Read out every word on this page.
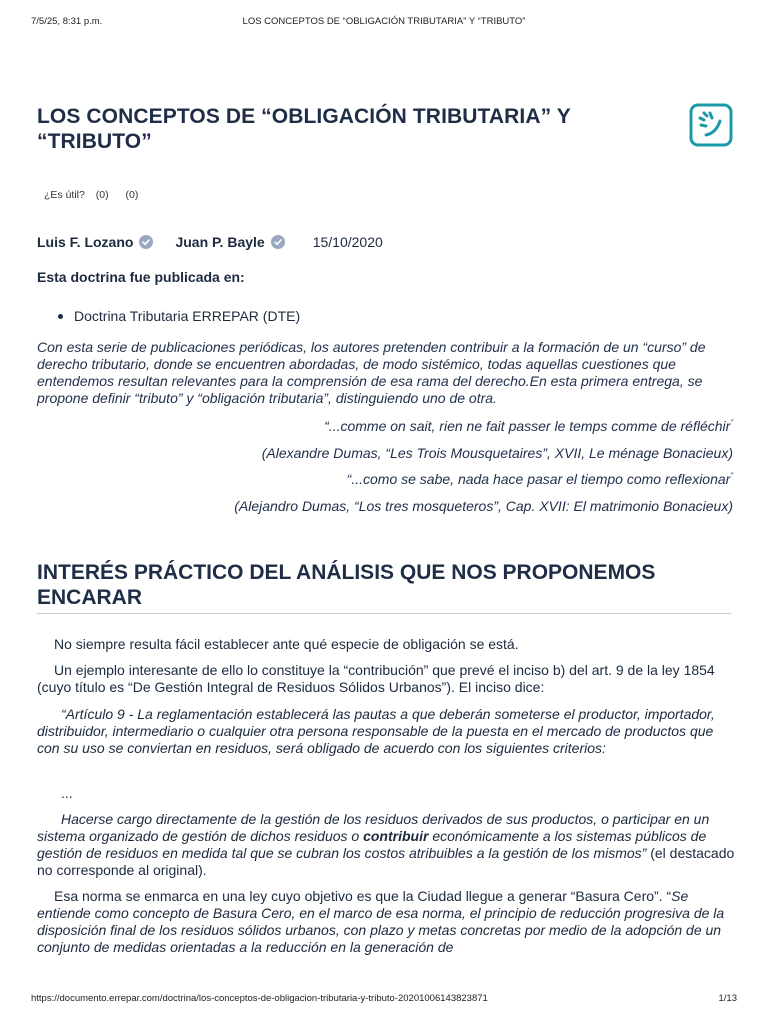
7/5/25, 8:31 p.m.	LOS CONCEPTOS DE “OBLIGACIÓN TRIBUTARIA” Y “TRIBUTO”
LOS CONCEPTOS DE “OBLIGACIÓN TRIBUTARIA” Y “TRIBUTO”
¿Es útil? (0) (0)
Luis F. Lozano	Juan P. Bayle	15/10/2020
Esta doctrina fue publicada en:
Doctrina Tributaria ERREPAR (DTE)

Con esta serie de publicaciones periódicas, los autores pretenden contribuir a la formación de un “curso” de derecho tributario, donde se encuentren abordadas, de modo sistémico, todas aquellas cuestiones que entendemos resultan relevantes para la comprensión de esa rama del derecho.En esta primera entrega, se propone definir “tributo” y “obligación tributaria”, distinguiendo uno de otra.

“...comme on sait, rien ne fait passer le temps comme de réfléchir”
(Alexandre Dumas, “Les Trois Mousquetaires”, XVII, Le ménage Bonacieux)
“...como se sabe, nada hace pasar el tiempo como reflexionar”
(Alejandro Dumas, “Los tres mosqueteros”, Cap. XVII: El matrimonio Bonacieux)
INTERÉS PRÁCTICO DEL ANÁLISIS QUE NOS PROPONEMOS ENCARAR

No siempre resulta fácil establecer ante qué especie de obligación se está.

Un ejemplo interesante de ello lo constituye la “contribución” que prevé el inciso b) del art. 9 de la ley 1854 (cuyo título es “De Gestión Integral de Residuos Sólidos Urbanos”). El inciso dice:

“Artículo 9 - La reglamentación establecerá las pautas a que deberán someterse el productor, importador, distribuidor, intermediario o cualquier otra persona responsable de la puesta en el mercado de productos que con su uso se conviertan en residuos, será obligado de acuerdo con los siguientes criterios:

...

Hacerse cargo directamente de la gestión de los residuos derivados de sus productos, o participar en un sistema organizado de gestión de dichos residuos o contribuir económicamente a los sistemas públicos de gestión de residuos en medida tal que se cubran los costos atribuibles a la gestión de los mismos” (el destacado no corresponde al original).

Esa norma se enmarca en una ley cuyo objetivo es que la Ciudad llegue a generar “Basura Cero”. “Se entiende como concepto de Basura Cero, en el marco de esa norma, el principio de reducción progresiva de la disposición final de los residuos sólidos urbanos, con plazo y metas concretas por medio de la adopción de un conjunto de medidas orientadas a la reducción en la generación de

https://documento.errepar.com/doctrina/los-conceptos-de-obligacion-tributaria-y-tributo-20201006143823871	1/13
